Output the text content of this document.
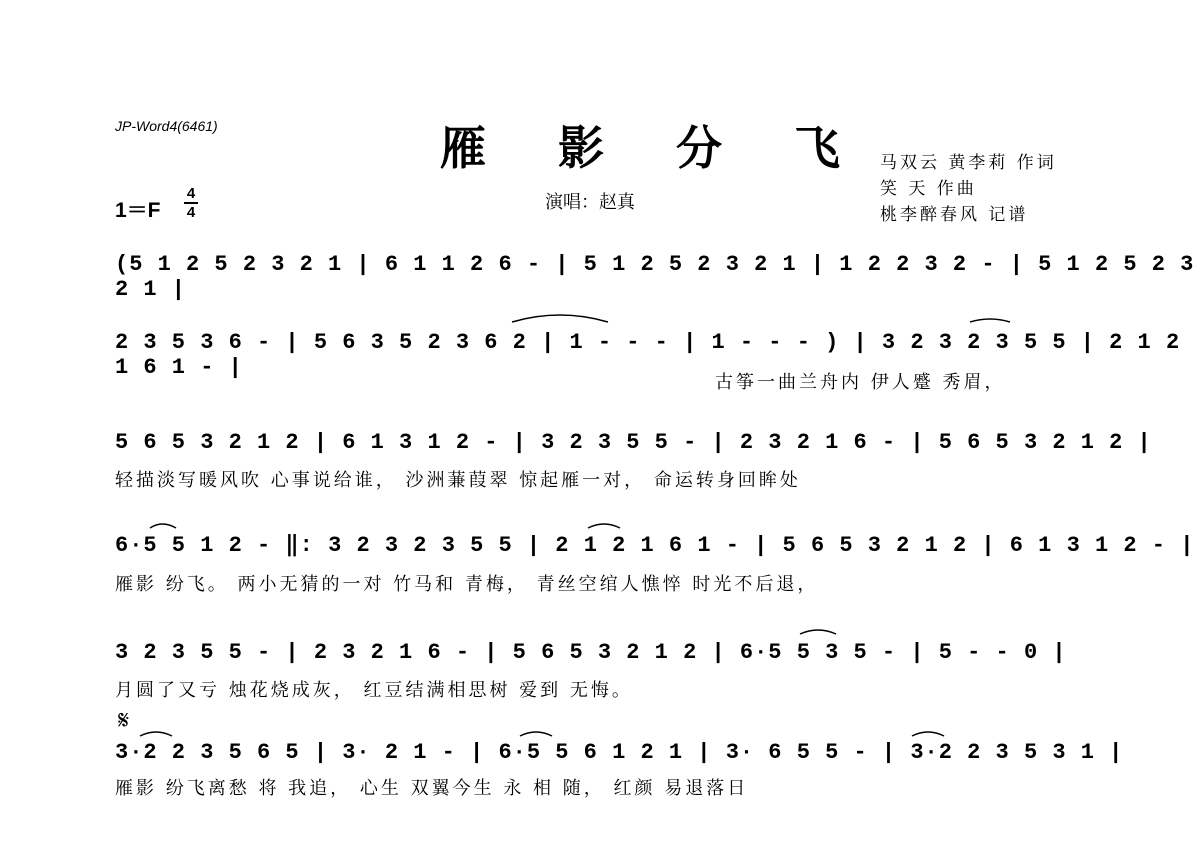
JP-Word4(6461)	雁 影 分 飞
演唱：赵真
马双云 黄李莉 作词
笑 天 作曲
桃李醉春风 记谱
1＝F
4
4
(5 1 2 5 2 3 2 1 | 6 1 1 2 6 - | 5 1 2 5 2 3 2 1 | 1 2 2 3 2 - | 5 1 2 5 2 3 2 1 |
2 3 5 3 6 - | 5 6 3 5 2 3 6 2 | 1 - - - | 1 - - - ) | 3 2 3 2 3 5 5 | 2 1 2 1 6 1 - |
古筝一曲兰舟内 伊人蹙 秀眉，
5 6 5 3 2 1 2 | 6 1 3 1 2 - | 3 2 3 5 5 - | 2 3 2 1 6 - | 5 6 5 3 2 1 2 |
轻描淡写暖风吹 心事说给谁， 沙洲蒹葭翠 惊起雁一对， 命运转身回眸处
6·5 5 1 2 - ‖: 3 2 3 2 3 5 5 | 2 1 2 1 6 1 - | 5 6 5 3 2 1 2 | 6 1 3 1 2 - |
雁影 纷飞。 两小无猜的一对 竹马和 青梅， 青丝空绾人憔悴 时光不后退，
3 2 3 5 5 - | 2 3 2 1 6 - | 5 6 5 3 2 1 2 | 6·5 5 3 5 - | 5 - - 0 |
月圆了又亏 烛花烧成灰， 红豆结满相思树 爱到 无悔。
𝄋
3·2 2 3 5 6 5 | 3· 2 1 - | 6·5 5 6 1 2 1 | 3· 6 5 5 - | 3·2 2 3 5 3 1 |
雁影 纷飞离愁 将 我追， 心生 双翼今生 永 相 随， 红颜 易退落日
